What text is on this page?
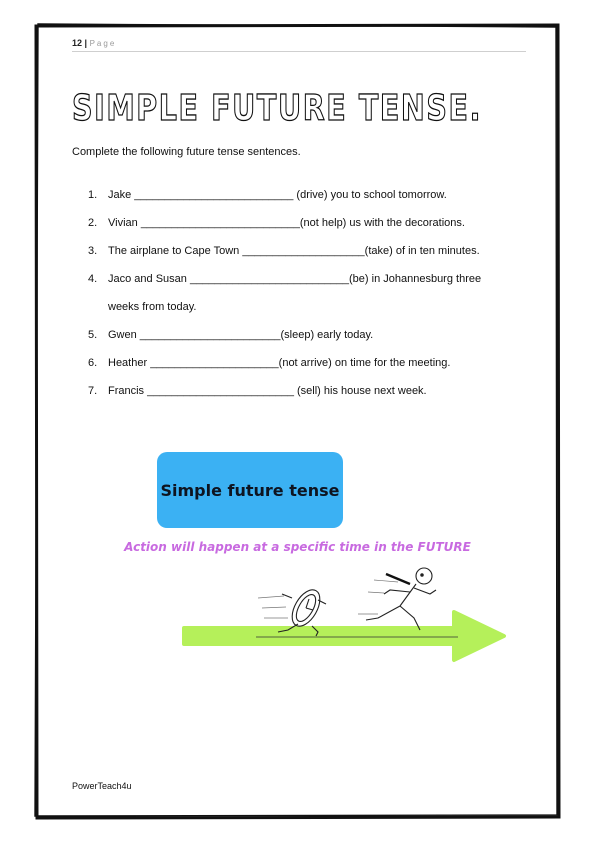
12 | Page
SIMPLE FUTURE TENSE.
Complete the following future tense sentences.
1. Jake __________________________ (drive) you to school tomorrow.
2. Vivian __________________________(not help) us with the decorations.
3. The airplane to Cape Town ____________________(take) of in ten minutes.
4. Jaco and Susan __________________________(be) in Johannesburg three
weeks from today.
5. Gwen _______________________(sleep) early today.
6. Heather _____________________(not arrive) on time for the meeting.
7. Francis ________________________ (sell) his house next week.
Simple future tense
Action will happen at a specific time in the FUTURE
PowerTeach4u
